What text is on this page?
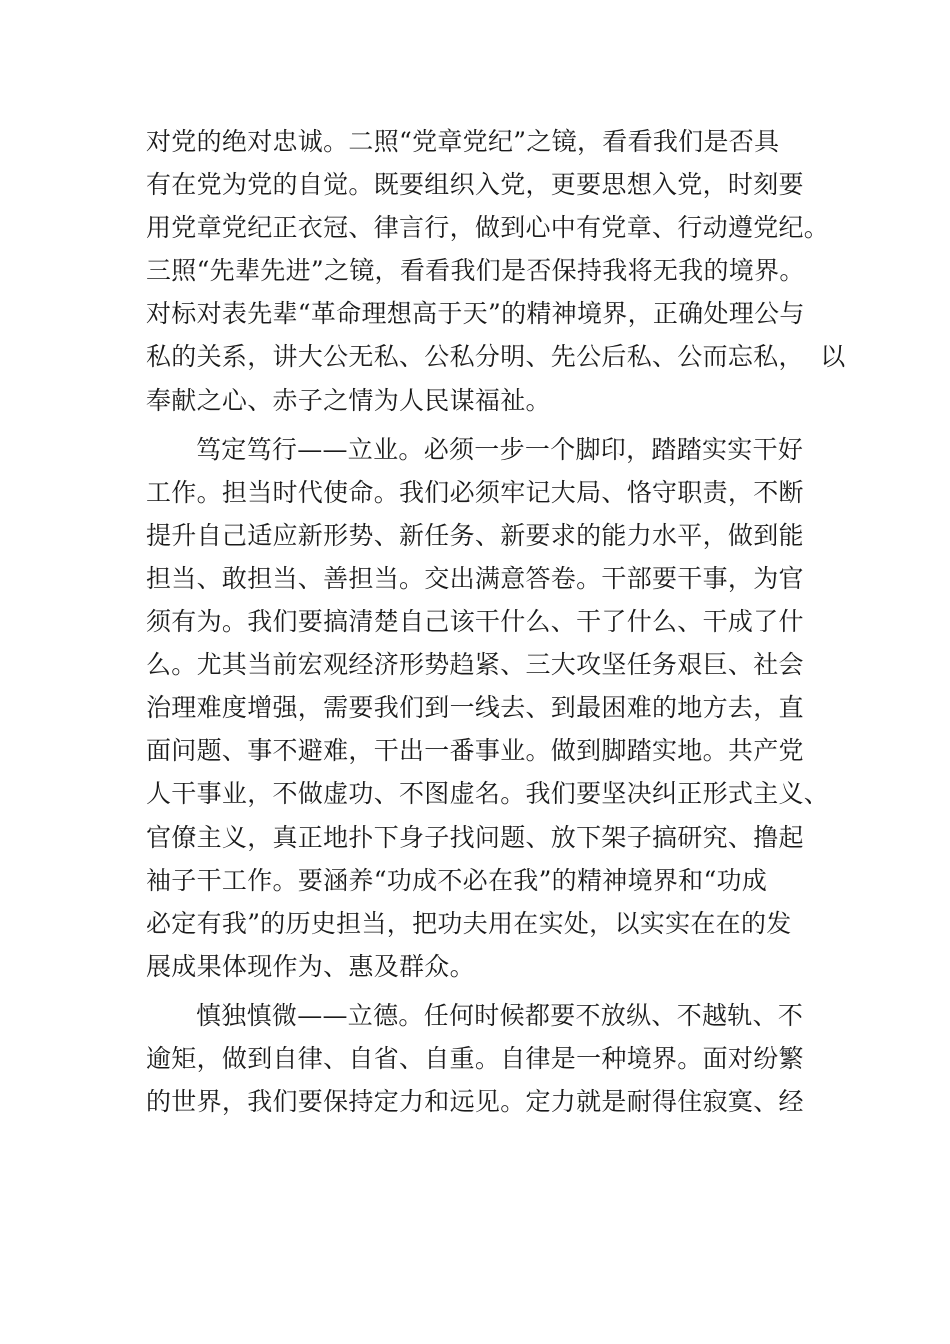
对党的绝对忠诚。二照“党章党纪”之镜，看看我们是否具
有在党为党的自觉。既要组织入党，更要思想入党，时刻要
用党章党纪正衣冠、律言行，做到心中有党章、行动遵党纪。
三照“先辈先进”之镜，看看我们是否保持我将无我的境界。
对标对表先辈“革命理想高于天”的精神境界，正确处理公与
私的关系，讲大公无私、公私分明、先公后私、公而忘私，  以
奉献之心、赤子之情为人民谋福祉。
笃定笃行——立业。必须一步一个脚印，踏踏实实干好
工作。担当时代使命。我们必须牢记大局、恪守职责，不断
提升自己适应新形势、新任务、新要求的能力水平，做到能
担当、敢担当、善担当。交出满意答卷。干部要干事，为官
须有为。我们要搞清楚自己该干什么、干了什么、干成了什
么。尤其当前宏观经济形势趋紧、三大攻坚任务艰巨、社会
治理难度增强，需要我们到一线去、到最困难的地方去，直
面问题、事不避难，干出一番事业。做到脚踏实地。共产党
人干事业，不做虚功、不图虚名。我们要坚决纠正形式主义、
官僚主义，真正地扑下身子找问题、放下架子搞研究、撸起
袖子干工作。要涵养“功成不必在我”的精神境界和“功成
必定有我”的历史担当，把功夫用在实处，以实实在在的发
展成果体现作为、惠及群众。
慎独慎微——立德。任何时候都要不放纵、不越轨、不
逾矩，做到自律、自省、自重。自律是一种境界。面对纷繁
的世界，我们要保持定力和远见。定力就是耐得住寂寞、经
